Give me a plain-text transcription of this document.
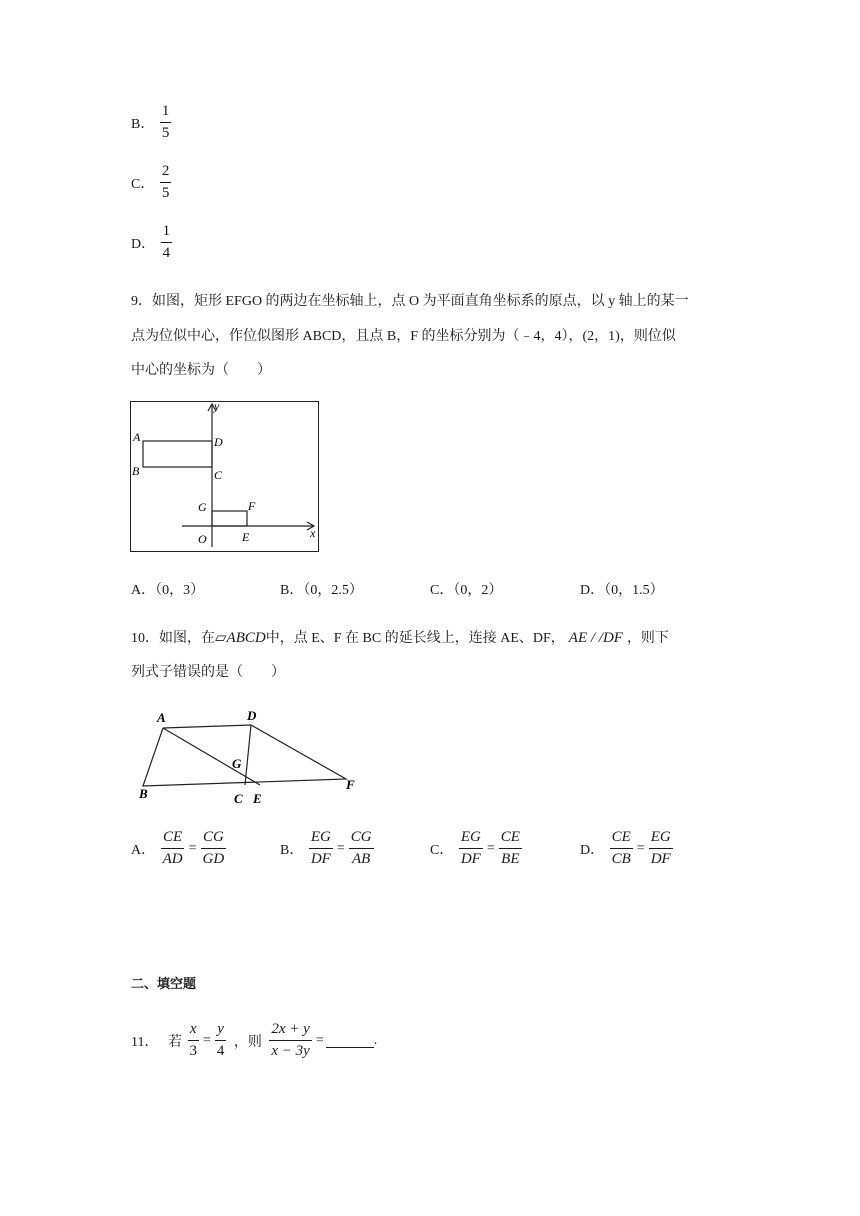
B． $\frac{1}{5}$
C． $\frac{2}{5}$
D． $\frac{1}{4}$
9．如图，矩形 EFGO 的两边在坐标轴上，点 O 为平面直角坐标系的原点，以 y 轴上的某一
点为位似中心，作位似图形 ABCD，且点 B，F 的坐标分别为（﹣4，4），(2，1)，则位似
中心的坐标为（　　）
y
x
A
B	C
D
G	F
O	E
A．（0，3）	B．（0，2.5）	C．（0，2）	D．（0，1.5）
10．如图，在▱ABCD中，点 E、F 在 BC 的延长线上，连接 AE、DF， AE / /DF ，则下
列式子错误的是（　　）
A	D
G
B	C E
F
A． $\frac{CE}{AD} = \frac{CG}{GD}$	B． $\frac{EG}{DF} = \frac{CG}{AB}$	C． $\frac{EG}{DF} = \frac{CE}{BE}$	D． $\frac{CE}{CB} = \frac{EG}{DF}$
二、填空题
11． 若 $\frac{x}{3} = \frac{y}{4}$ ，则 $\frac{2x + y}{x - 3y}$ =	.
